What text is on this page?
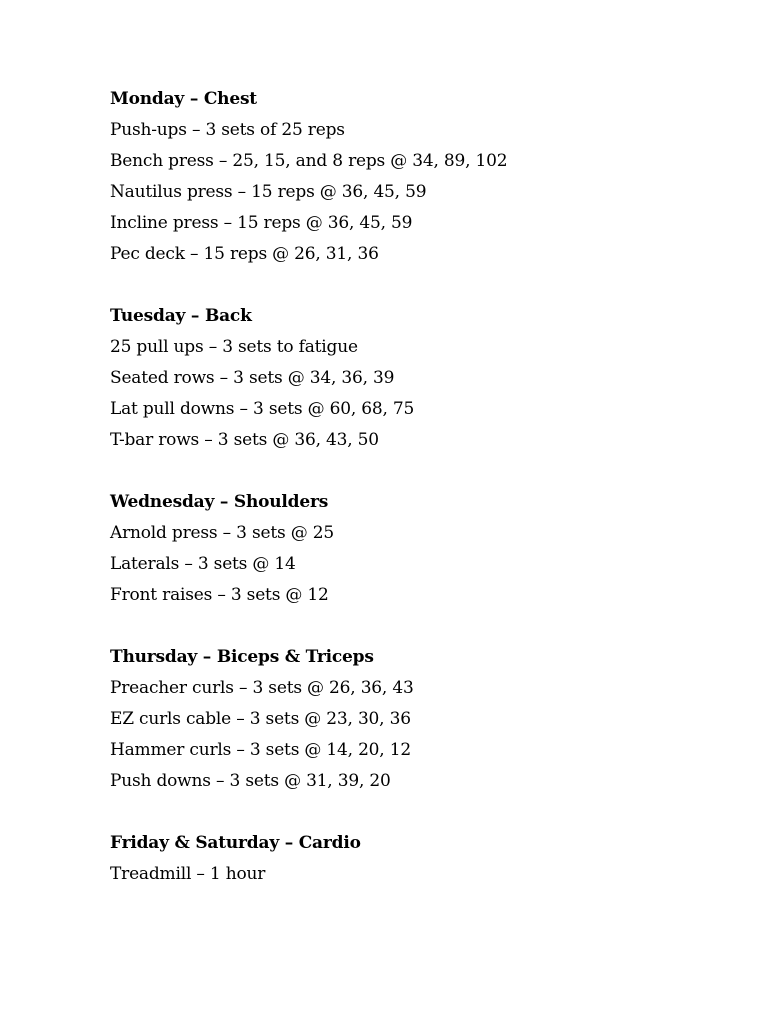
Monday – Chest
Push-ups – 3 sets of 25 reps
Bench press – 25, 15, and 8 reps @ 34, 89, 102
Nautilus press – 15 reps @ 36, 45, 59
Incline press – 15 reps @ 36, 45, 59
Pec deck – 15 reps @ 26, 31, 36
Tuesday – Back
25 pull ups – 3 sets to fatigue
Seated rows – 3 sets @ 34, 36, 39
Lat pull downs – 3 sets @ 60, 68, 75
T-bar rows – 3 sets @ 36, 43, 50
Wednesday – Shoulders
Arnold press – 3 sets @ 25
Laterals – 3 sets @ 14
Front raises – 3 sets @ 12
Thursday – Biceps & Triceps
Preacher curls – 3 sets @ 26, 36, 43
EZ curls cable – 3 sets @ 23, 30, 36
Hammer curls – 3 sets @ 14, 20, 12
Push downs – 3 sets @ 31, 39, 20
Friday & Saturday – Cardio
Treadmill – 1 hour
